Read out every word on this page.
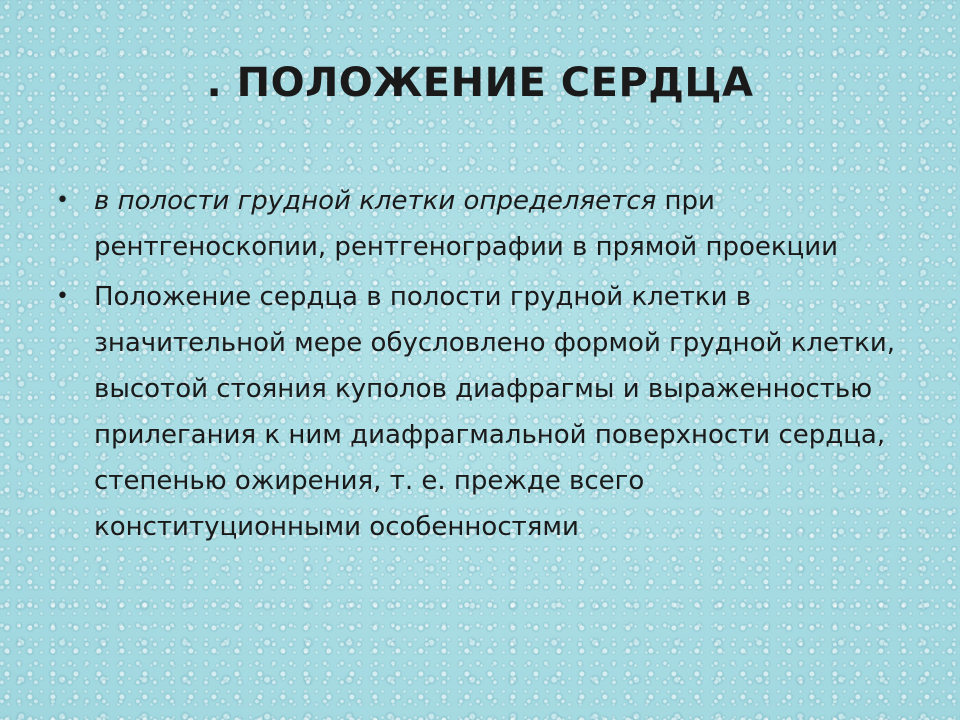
. ПОЛОЖЕНИЕ СЕРДЦА
• в полости грудной клетки определяется при рентгеноскопии, рентгенографии в прямой проекции
• Положение сердца в полости грудной клетки в значительной мере обусловлено формой грудной клетки, высотой стояния куполов диафрагмы и выраженностью прилегания к ним диафрагмальной поверхности сердца, степенью ожирения, т. е. прежде всего конституционными особенностями
